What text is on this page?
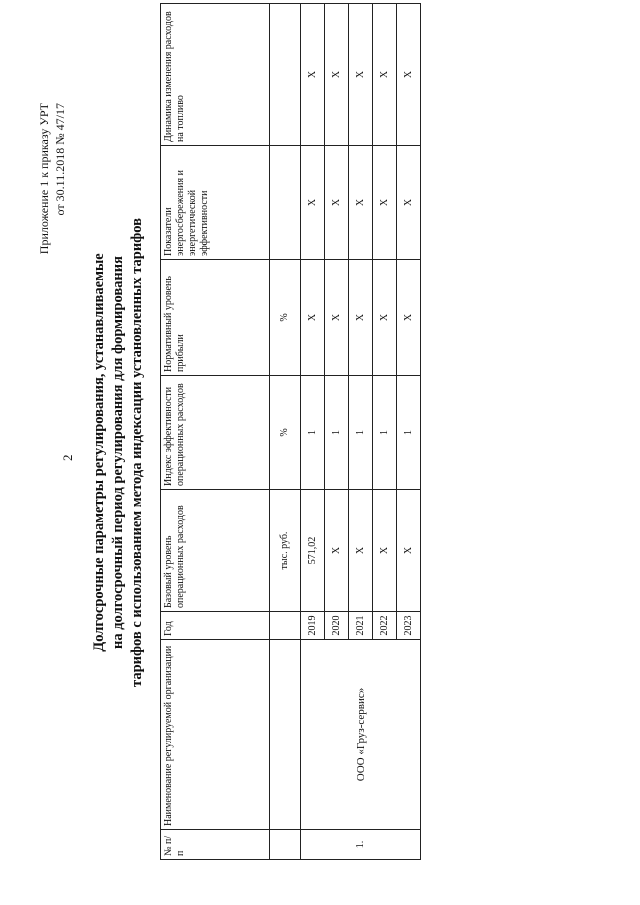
2
Приложение 1 к приказу УРТ от 30.11.2018 № 47/17
Долгосрочные параметры регулирования, устанавливаемые на долгосрочный период регулирования для формирования тарифов с использованием метода индексации установленных тарифов
№ п/п	Наименование регулируемой организации	Год	Базовый уровень операционных расходов	Индекс эффективности операционных расходов	Нормативный уровень прибыли	Показатели энергосбережения и энергетической эффективности	Динамика изменения расходов на топливо
			тыс. руб.	%	%		
1.	ООО «Груз-сервис»	2019	571,02	1	X	X	X
		2020	X	1	X	X	X
		2021	X	1	X	X	X
		2022	X	1	X	X	X
		2023	X	1	X	X	X
